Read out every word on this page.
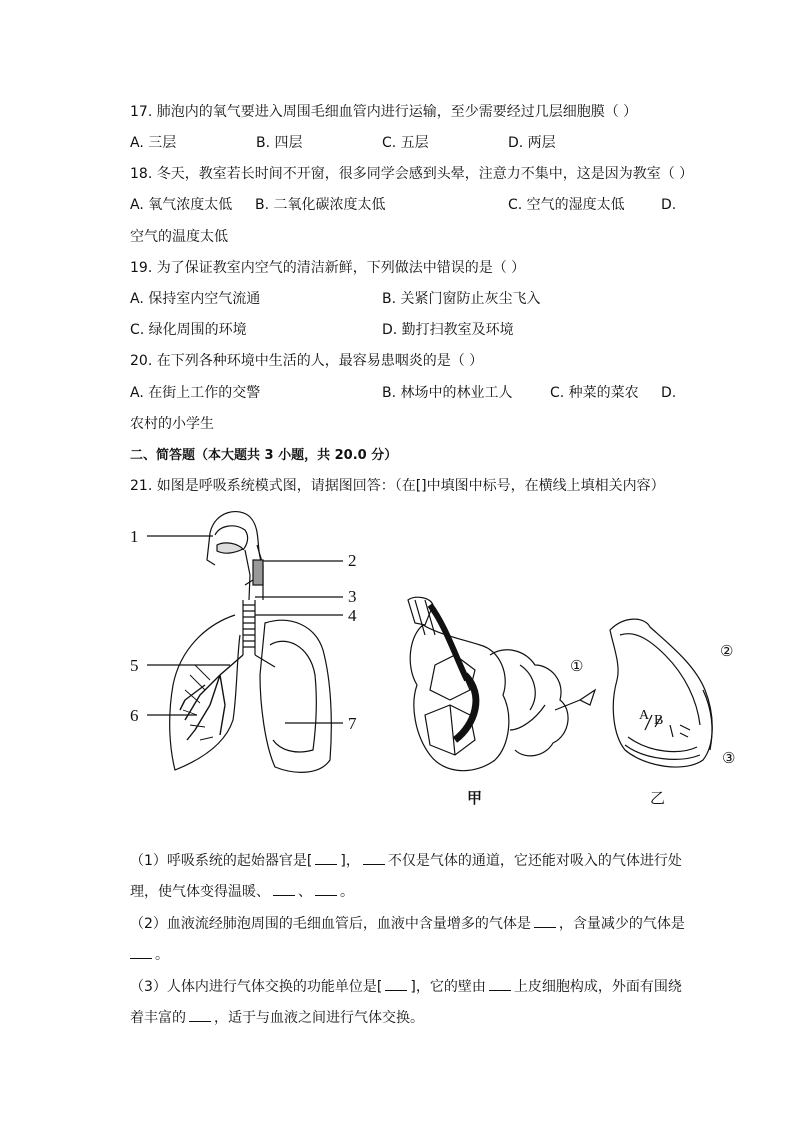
17. 肺泡内的氧气要进入周围毛细血管内进行运输，至少需要经过几层细胞膜（ ）
A. 三层	B. 四层	C. 五层	D. 两层
18. 冬天，教室若长时间不开窗，很多同学会感到头晕，注意力不集中，这是因为教室（ ）
A. 氧气浓度太低 B. 二氧化碳浓度太低	C. 空气的湿度太低	D.
空气的温度太低
19. 为了保证教室内空气的清洁新鲜，下列做法中错误的是（ ）
A. 保持室内空气流通	B. 关紧门窗防止灰尘飞入
C. 绿化周围的环境	D. 勤打扫教室及环境
20. 在下列各种环境中生活的人，最容易患咽炎的是（ ）
A. 在街上工作的交警	B. 林场中的林业工人	C. 种菜的菜农 D.
农村的小学生
二、简答题（本大题共 3 小题，共 20.0 分）
21. 如图是呼吸系统模式图，请据图回答：（在[]中填图中标号，在横线上填相关内容）
1
2
3
4
5
6	7
①
②
③
A B
甲	乙
（1）呼吸系统的起始器官是[ ]， 不仅是气体的通道，它还能对吸入的气体进行处
理，使气体变得温暖、 、 。
（2）血液流经肺泡周围的毛细血管后，血液中含量增多的气体是 ，含量减少的气体是
。
（3）人体内进行气体交换的功能单位是[ ]，它的壁由 上皮细胞构成，外面有围绕
着丰富的 ，适于与血液之间进行气体交换。
